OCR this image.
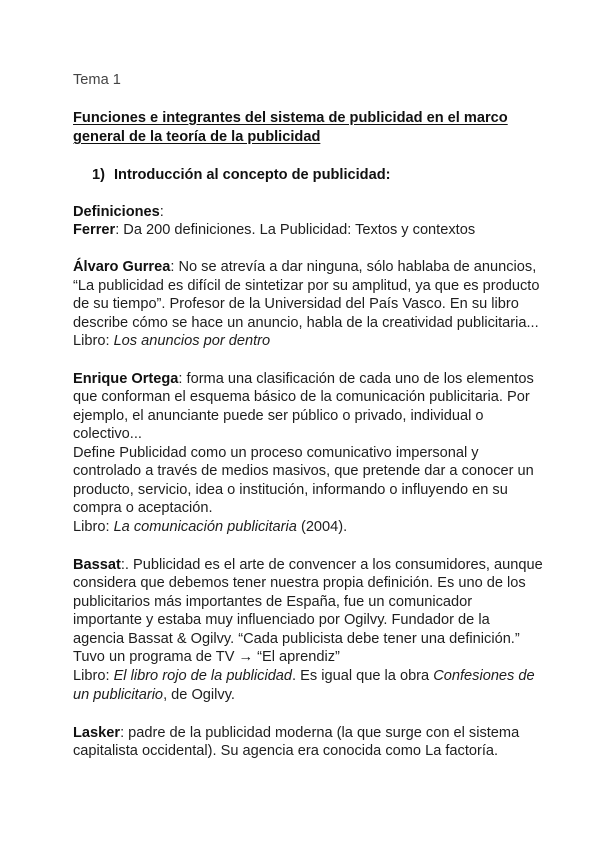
Tema 1
Funciones e integrantes del sistema de publicidad en el marco
general de la teoría de la publicidad
1) Introducción al concepto de publicidad:
Definiciones:
Ferrer: Da 200 definiciones. La Publicidad: Textos y contextos
Álvaro Gurrea: No se atrevía a dar ninguna, sólo hablaba de anuncios,
“La publicidad es difícil de sintetizar por su amplitud, ya que es producto
de su tiempo”. Profesor de la Universidad del País Vasco. En su libro
describe cómo se hace un anuncio, habla de la creatividad publicitaria...
Libro: Los anuncios por dentro
Enrique Ortega: forma una clasificación de cada uno de los elementos
que conforman el esquema básico de la comunicación publicitaria. Por
ejemplo, el anunciante puede ser público o privado, individual o
colectivo...
Define Publicidad como un proceso comunicativo impersonal y
controlado a través de medios masivos, que pretende dar a conocer un
producto, servicio, idea o institución, informando o influyendo en su
compra o aceptación.
Libro: La comunicación publicitaria (2004).
Bassat:. Publicidad es el arte de convencer a los consumidores, aunque
considera que debemos tener nuestra propia definición. Es uno de los
publicitarios más importantes de España, fue un comunicador
importante y estaba muy influenciado por Ogilvy. Fundador de la
agencia Bassat & Ogilvy. “Cada publicista debe tener una definición.”
Tuvo un programa de TV → “El aprendiz”
Libro: El libro rojo de la publicidad. Es igual que la obra Confesiones de
un publicitario, de Ogilvy.
Lasker: padre de la publicidad moderna (la que surge con el sistema
capitalista occidental). Su agencia era conocida como La factoría.
